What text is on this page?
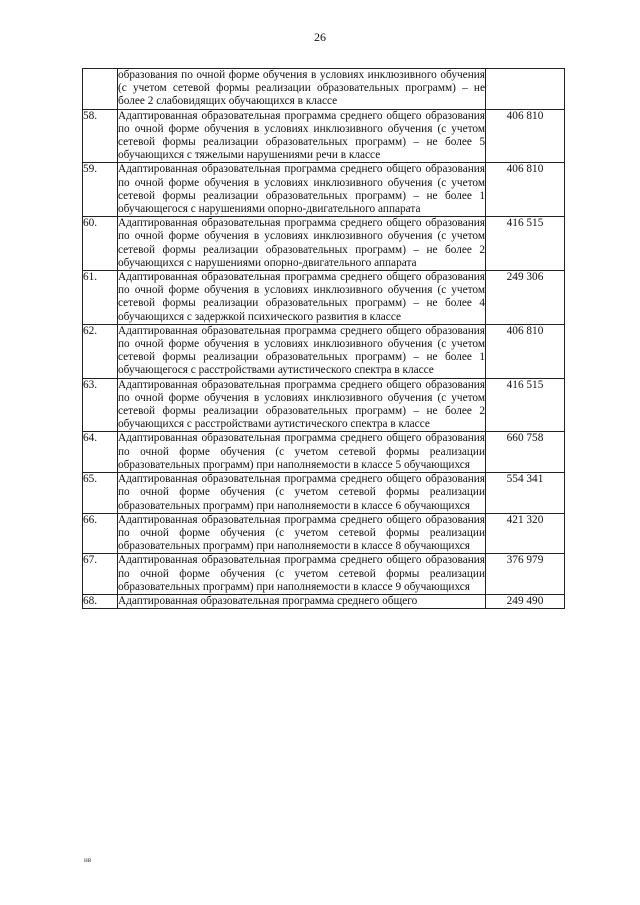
26

	образования по очной форме обучения в условиях инклюзивного обучения (с учетом сетевой формы реализации образовательных программ) – не более 2 слабовидящих обучающихся в классе	

58.	Адаптированная образовательная программа среднего общего образования по очной форме обучения в условиях инклюзивного обучения (с учетом сетевой формы реализации образовательных программ) – не более 5 обучающихся с тяжелыми нарушениями речи в классе	406 810
59.	Адаптированная образовательная программа среднего общего образования по очной форме обучения в условиях инклюзивного обучения (с учетом сетевой формы реализации образовательных программ) – не более 1 обучающегося с нарушениями опорно-двигательного аппарата	406 810
60.	Адаптированная образовательная программа среднего общего образования по очной форме обучения в условиях инклюзивного обучения (с учетом сетевой формы реализации образовательных программ) – не более 2 обучающихся с нарушениями опорно-двигательного аппарата	416 515
61.	Адаптированная образовательная программа среднего общего образования по очной форме обучения в условиях инклюзивного обучения (с учетом сетевой формы реализации образовательных программ) – не более 4 обучающихся с задержкой психического развития в классе	249 306
62.	Адаптированная образовательная программа среднего общего образования по очной форме обучения в условиях инклюзивного обучения (с учетом сетевой формы реализации образовательных программ) – не более 1 обучающегося с расстройствами аутистического спектра в классе	406 810
63.	Адаптированная образовательная программа среднего общего образования по очной форме обучения в условиях инклюзивного обучения (с учетом сетевой формы реализации образовательных программ) – не более 2 обучающихся с расстройствами аутистического спектра в классе	416 515
64.	Адаптированная образовательная программа среднего общего образования по очной форме обучения (с учетом сетевой формы реализации образовательных программ) при наполняемости в классе 5 обучающихся	660 758
65.	Адаптированная образовательная программа среднего общего образования по очной форме обучения (с учетом сетевой формы реализации образовательных программ) при наполняемости в классе 6 обучающихся	554 341
66.	Адаптированная образовательная программа среднего общего образования по очной форме обучения (с учетом сетевой формы реализации образовательных программ) при наполняемости в классе 8 обучающихся	421 320
67.	Адаптированная образовательная программа среднего общего образования по очной форме обучения (с учетом сетевой формы реализации образовательных программ) при наполняемости в классе 9 обучающихся	376 979
68.	Адаптированная образовательная программа среднего общего	249 490
нв
